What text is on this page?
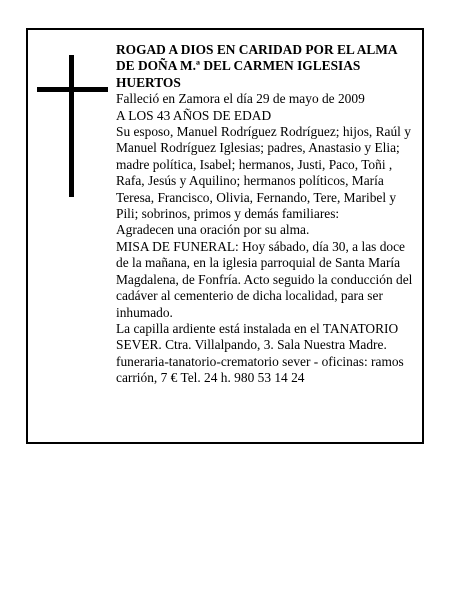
ROGAD A DIOS EN CARIDAD POR EL ALMA DE DOÑA M.ª DEL CARMEN IGLESIAS HUERTOS

Falleció en Zamora el día 29 de mayo de 2009

A LOS 43 AÑOS DE EDAD

Su esposo, Manuel Rodríguez Rodríguez; hijos, Raúl y Manuel Rodríguez Iglesias; padres, Anastasio y Elia; madre política, Isabel; hermanos, Justi, Paco, Toñi , Rafa, Jesús y Aquilino; hermanos políticos, María Teresa, Francisco, Olivia, Fernando, Tere, Maribel y Pili; sobrinos, primos y demás familiares:

Agradecen una oración por su alma.

MISA DE FUNERAL: Hoy sábado, día 30, a las doce de la mañana, en la iglesia parroquial de Santa María Magdalena, de Fonfría. Acto seguido la conducción del cadáver al cementerio de dicha localidad, para ser inhumado.

La capilla ardiente está instalada en el TANATORIO SEVER. Ctra. Villalpando, 3. Sala Nuestra Madre.

funeraria-tanatorio-crematorio sever - oficinas: ramos carrión, 7 € Tel. 24 h. 980 53 14 24
